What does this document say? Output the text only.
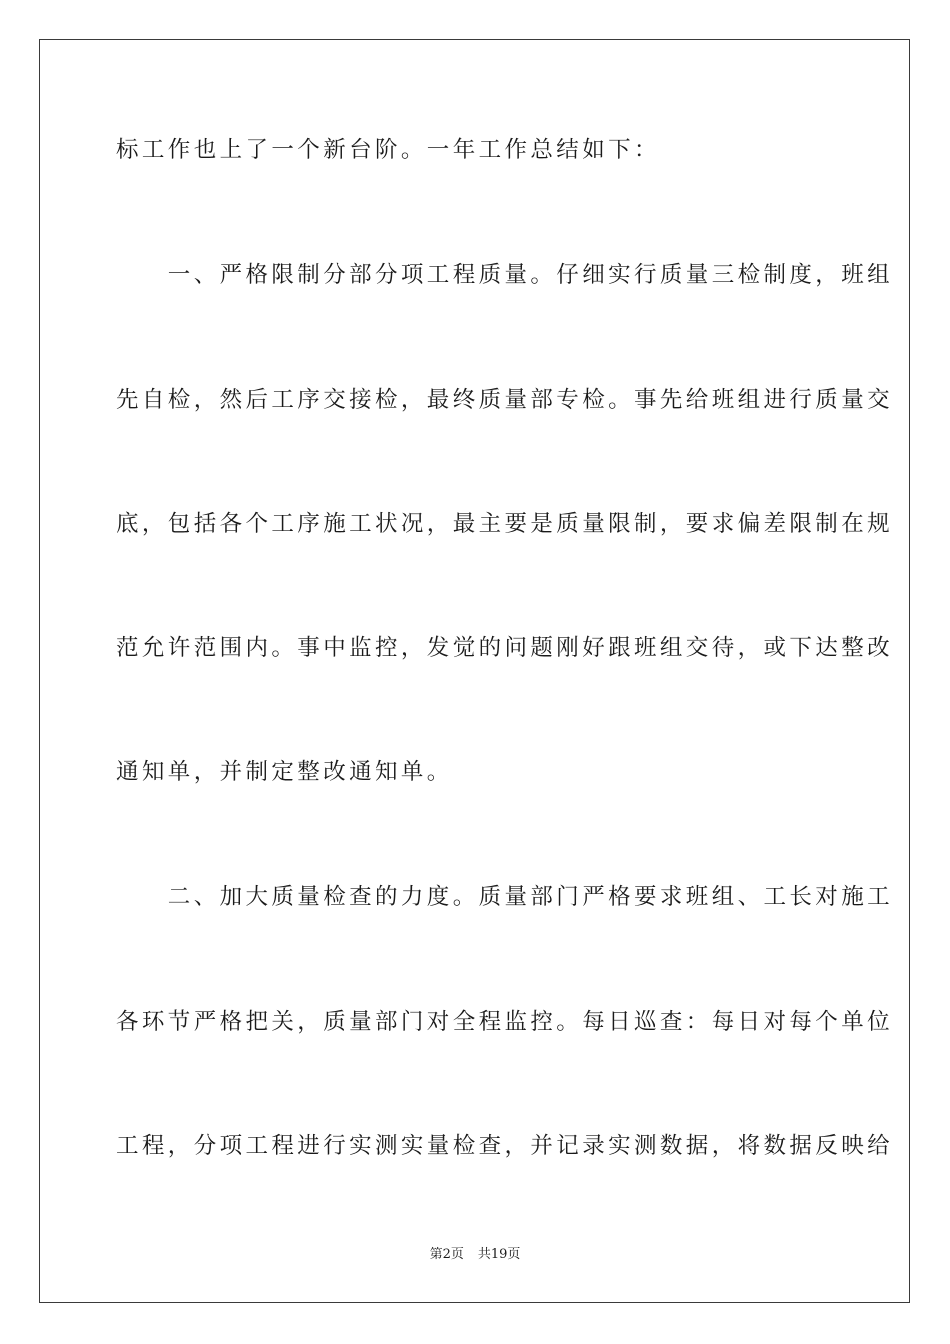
标工作也上了一个新台阶。一年工作总结如下：
　　一、严格限制分部分项工程质量。仔细实行质量三检制度，班组
先自检，然后工序交接检，最终质量部专检。事先给班组进行质量交
底，包括各个工序施工状况，最主要是质量限制，要求偏差限制在规
范允许范围内。事中监控，发觉的问题刚好跟班组交待，或下达整改
通知单，并制定整改通知单。
　　二、加大质量检查的力度。质量部门严格要求班组、工长对施工
各环节严格把关，质量部门对全程监控。每日巡查：每日对每个单位
工程，分项工程进行实测实量检查，并记录实测数据，将数据反映给
第2页 共19页
